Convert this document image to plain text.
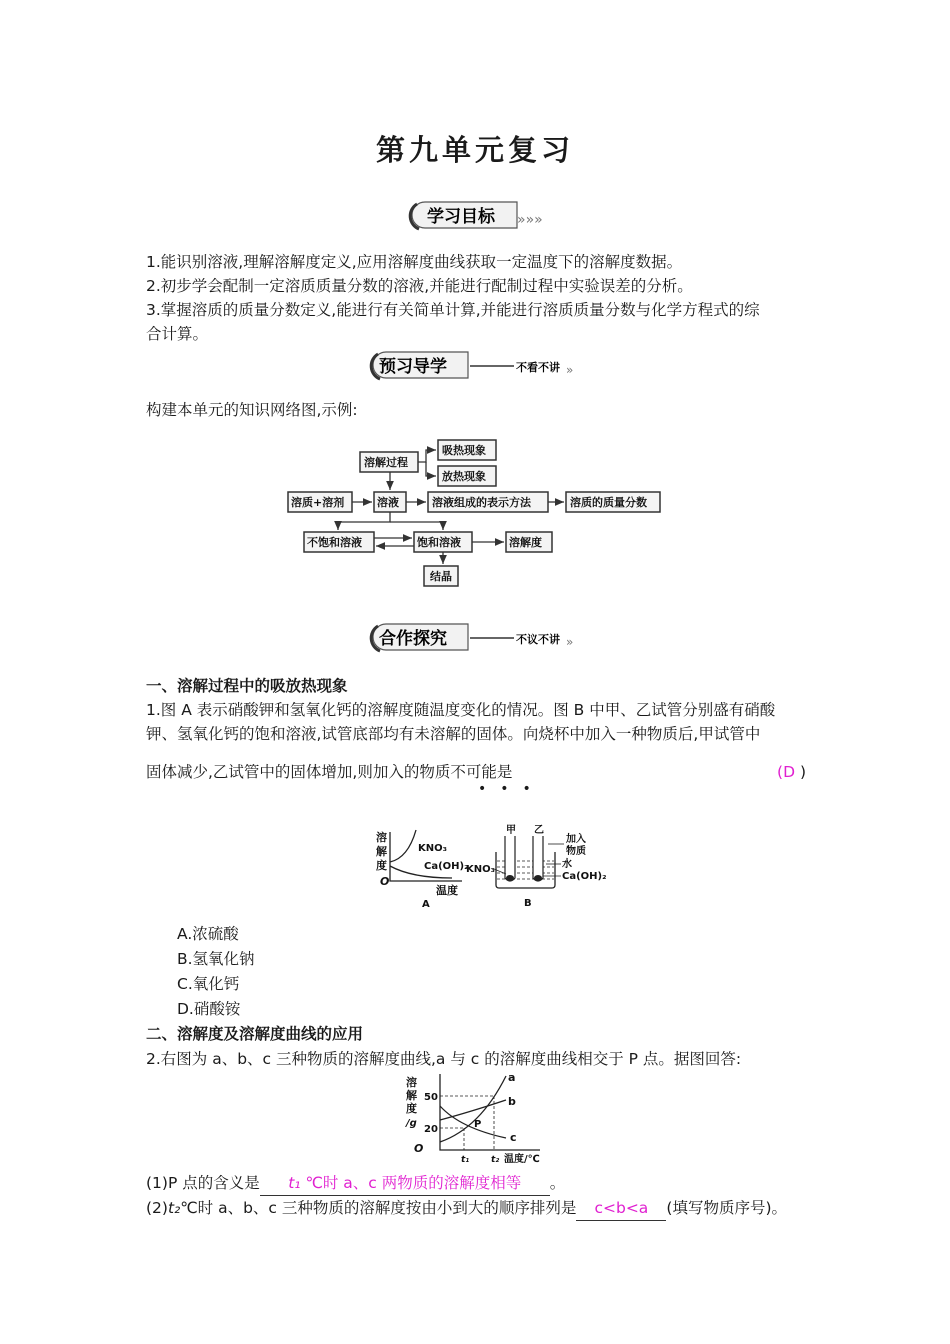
第九单元复习
学习目标 »»»
1.能识别溶液,理解溶解度定义,应用溶解度曲线获取一定温度下的溶解度数据。
2.初步学会配制一定溶质质量分数的溶液,并能进行配制过程中实验误差的分析。
3.掌握溶质的质量分数定义,能进行有关简单计算,并能进行溶质质量分数与化学方程式的综
合计算。
预习导学	不看不讲 »
构建本单元的知识网络图,示例:
溶解过程
吸热现象
放热现象
溶质+溶剂	溶液	溶液组成的表示方法	溶质的质量分数
不饱和溶液	饱和溶液	溶解度
结晶
合作探究	不议不讲 »
一、溶解过程中的吸放热现象
1.图 A 表示硝酸钾和氢氧化钙的溶解度随温度变化的情况。图 B 中甲、乙试管分别盛有硝酸
钾、氢氧化钙的饱和溶液,试管底部均有未溶解的固体。向烧杯中加入一种物质后,甲试管中
固体减少,乙试管中的固体增加,则加入的物质不可能是
•••
(D )
溶
解
度
KNO₃
Ca(OH)₂
O
温度
A
甲 乙
加入
物质
水
KNO₃
Ca(OH)₂
B
A.浓硫酸
B.氢氧化钠
C.氧化钙
D.硝酸铵
二、溶解度及溶解度曲线的应用
2.右图为 a、b、c 三种物质的溶解度曲线,a 与 c 的溶解度曲线相交于 P 点。据图回答:
溶
解
度
/g
50
20
O
a
b
c
P
t₁ t₂ 温度/℃
(1)P 点的含义是 t₁ ℃时 a、c 两物质的溶解度相等 。
(2)t₂℃时 a、b、c 三种物质的溶解度按由小到大的顺序排列是 c<b<a (填写物质序号)。
